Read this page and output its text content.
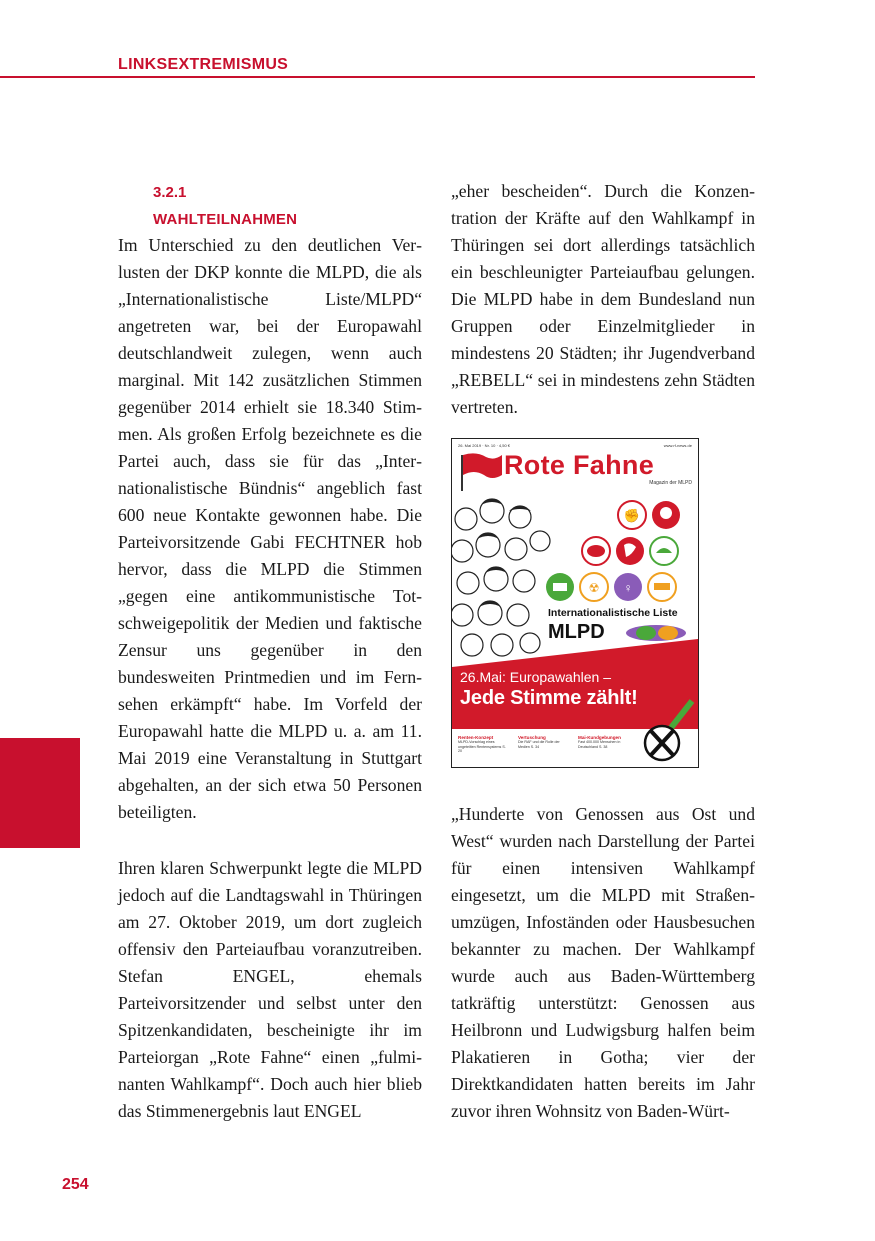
LINKSEXTREMISMUS
3.2.1
WAHLTEILNAHMEN

Im Unterschied zu den deutlichen Verlusten der DKP konnte die MLPD, die als „Internationalistische Liste/MLPD“ angetreten war, bei der Europawahl deutschlandweit zulegen, wenn auch marginal. Mit 142 zusätzlichen Stimmen gegenüber 2014 erhielt sie 18.340 Stimmen. Als großen Erfolg bezeichnete es die Partei auch, dass sie für das „Internationalistische Bündnis“ angeblich fast 600 neue Kontakte gewonnen habe. Die Parteivorsitzende Gabi FECHTNER hob hervor, dass die MLPD die Stimmen „gegen eine antikommunistische Totschweigepolitik der Medien und faktische Zensur uns gegenüber in den bundesweiten Printmedien und im Fernsehen erkämpft“ habe. Im Vorfeld der Europawahl hatte die MLPD u. a. am 11. Mai 2019 eine Veranstaltung in Stuttgart abgehalten, an der sich etwa 50 Personen beteiligten.

Ihren klaren Schwerpunkt legte die MLPD jedoch auf die Landtagswahl in Thüringen am 27. Oktober 2019, um dort zugleich offensiv den Parteiaufbau voranzutreiben. Stefan ENGEL, ehemals Parteivorsitzender und selbst unter den Spitzenkandidaten, bescheinigte ihr im Parteiorgan „Rote Fahne“ einen „fulminanten Wahlkampf“. Doch auch hier blieb das Stimmenergebnis laut ENGEL

„eher bescheiden“. Durch die Konzentration der Kräfte auf den Wahlkampf in Thüringen sei dort allerdings tatsächlich ein beschleunigter Parteiaufbau gelungen. Die MLPD habe in dem Bundesland nun Gruppen oder Einzelmitglieder in mindestens 20 Städten; ihr Jugendverband „REBELL“ sei in mindestens zehn Städten vertreten.

26. Mai 2019 · Nr. 10 · 4,50 €	www.rf-news.de
Rote Fahne
Magazin der MLPD
✊
☢ ♀
Internationalistische Liste
MLPD
26.Mai: Europawahlen –
Jede Stimme zählt!
Renten-Konzept
MLPD-Vorschlag eines ungeteilten Rentensystems S. 20
Vertuschung
Die RAF und die Rolle der Medien S. 34
Mai-Kundgebungen
Fast 400.000 Menschen in Deutschland S. 38

„Hunderte von Genossen aus Ost und West“ wurden nach Darstellung der Partei für einen intensiven Wahlkampf eingesetzt, um die MLPD mit Straßenumzügen, Infoständen oder Hausbesuchen bekannter zu machen. Der Wahlkampf wurde auch aus Baden-Württemberg tatkräftig unterstützt: Genossen aus Heilbronn und Ludwigsburg halfen beim Plakatieren in Gotha; vier der Direktkandidaten hatten bereits im Jahr zuvor ihren Wohnsitz von Baden-Würt-

254
